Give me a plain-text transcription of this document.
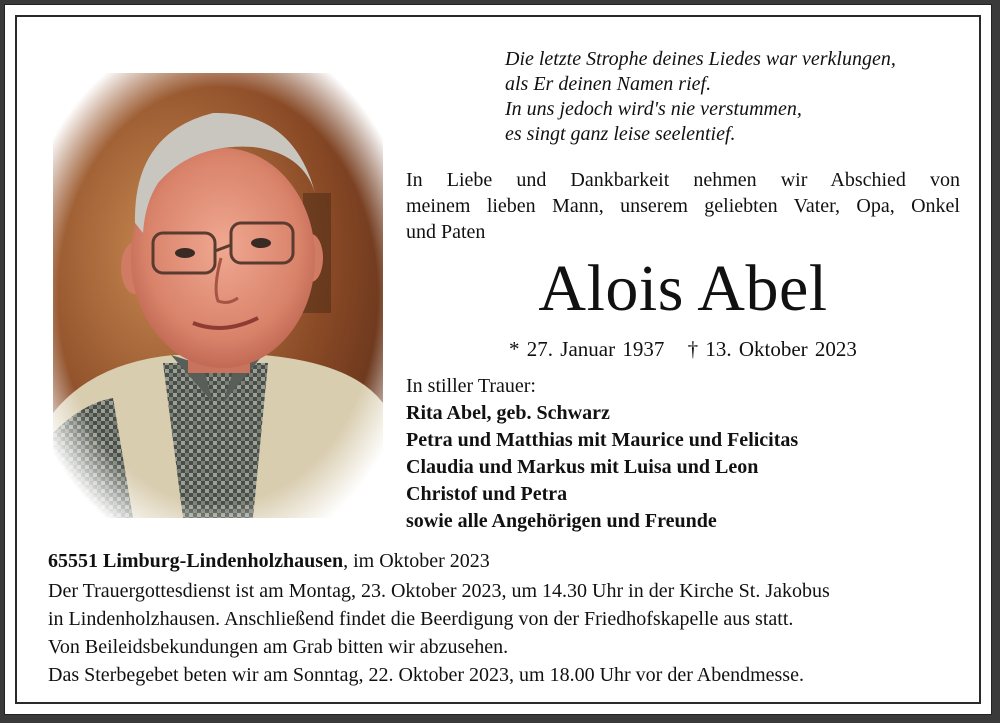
Die letzte Strophe deines Liedes war verklungen,
als Er deinen Namen rief.
In uns jedoch wird's nie verstummen,
es singt ganz leise seelentief.
In Liebe und Dankbarkeit nehmen wir Abschied von
meinem lieben Mann, unserem geliebten Vater, Opa, Onkel
und Paten
Alois Abel
* 27. Januar 1937 † 13. Oktober 2023
In stiller Trauer:
Rita Abel, geb. Schwarz
Petra und Matthias mit Maurice und Felicitas
Claudia und Markus mit Luisa und Leon
Christof und Petra
sowie alle Angehörigen und Freunde
65551 Limburg-Lindenholzhausen, im Oktober 2023
Der Trauergottesdienst ist am Montag, 23. Oktober 2023, um 14.30 Uhr in der Kirche St. Jakobus
in Lindenholzhausen. Anschließend findet die Beerdigung von der Friedhofskapelle aus statt.
Von Beileidsbekundungen am Grab bitten wir abzusehen.
Das Sterbegebet beten wir am Sonntag, 22. Oktober 2023, um 18.00 Uhr vor der Abendmesse.
